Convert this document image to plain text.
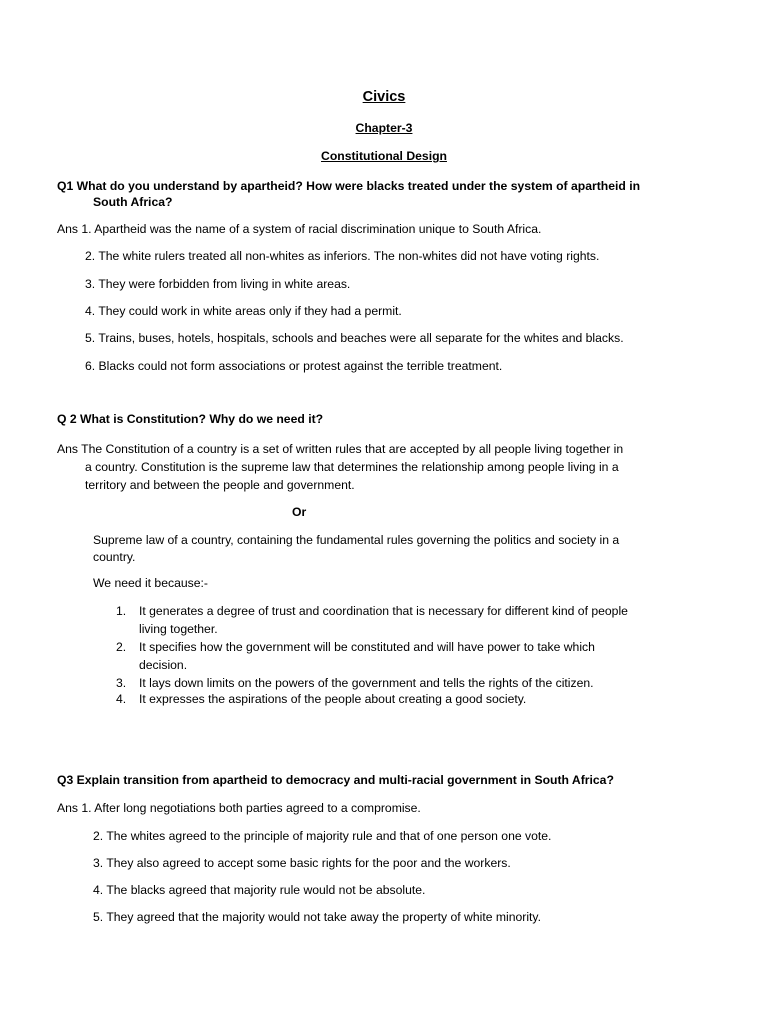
Civics
Chapter-3
Constitutional Design
Q1 What do you understand by apartheid? How were blacks treated under the system of apartheid in
South Africa?
Ans 1. Apartheid was the name of a system of racial discrimination unique to South Africa.
2. The white rulers treated all non-whites as inferiors. The non-whites did not have voting rights.
3. They were forbidden from living in white areas.
4. They could work in white areas only if they had a permit.
5. Trains, buses, hotels, hospitals, schools and beaches were all separate for the whites and blacks.
6. Blacks could not form associations or protest against the terrible treatment.
Q 2 What is Constitution? Why do we need it?
Ans The Constitution of a country is a set of written rules that are accepted by all people living together in
a country. Constitution is the supreme law that determines the relationship among people living in a
territory and between the people and government.
Or
Supreme law of a country, containing the fundamental rules governing the politics and society in a
country.
We need it because:-
1. It generates a degree of trust and coordination that is necessary for different kind of people
living together.
2. It specifies how the government will be constituted and will have power to take which
decision.
3. It lays down limits on the powers of the government and tells the rights of the citizen.
4. It expresses the aspirations of the people about creating a good society.
Q3 Explain transition from apartheid to democracy and multi-racial government in South Africa?
Ans 1. After long negotiations both parties agreed to a compromise.
2. The whites agreed to the principle of majority rule and that of one person one vote.
3. They also agreed to accept some basic rights for the poor and the workers.
4. The blacks agreed that majority rule would not be absolute.
5. They agreed that the majority would not take away the property of white minority.
